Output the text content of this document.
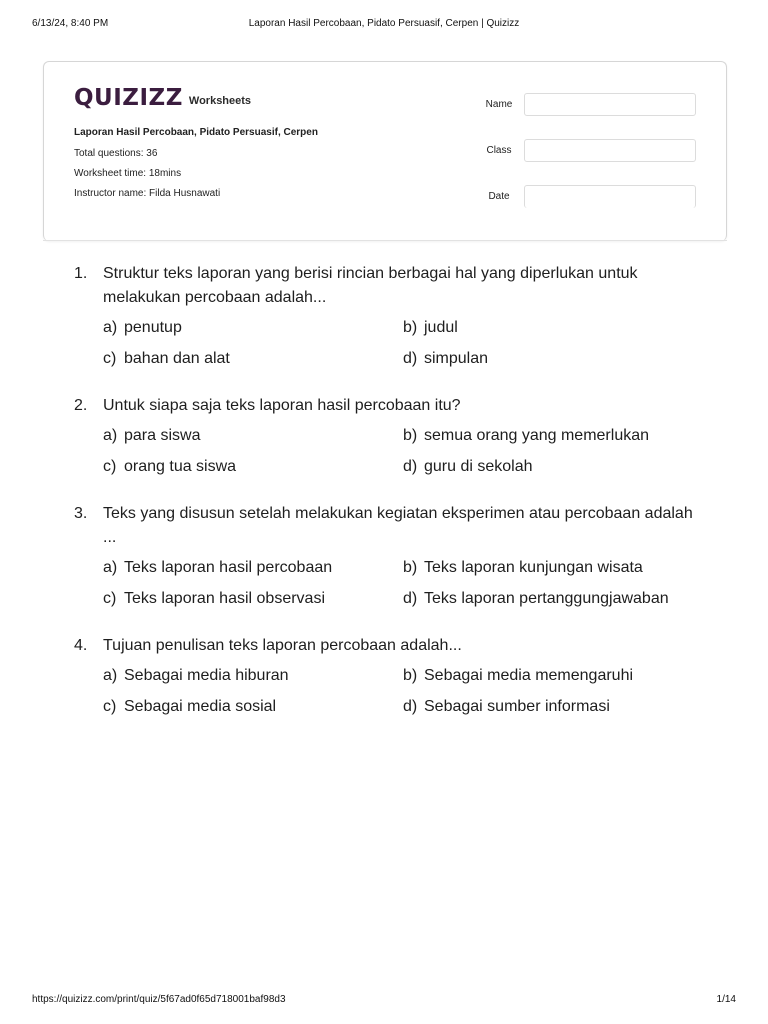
6/13/24, 8:40 PM	Laporan Hasil Percobaan, Pidato Persuasif, Cerpen | Quizizz
QUIZIZZ Worksheets
Laporan Hasil Percobaan, Pidato Persuasif, Cerpen
Total questions: 36
Worksheet time: 18mins
Instructor name: Filda Husnawati
Name
Class
Date
1. Struktur teks laporan yang berisi rincian berbagai hal yang diperlukan untuk melakukan percobaan adalah...
a) penutup	b) judul
c) bahan dan alat	d) simpulan
2. Untuk siapa saja teks laporan hasil percobaan itu?
a) para siswa	b) semua orang yang memerlukan
c) orang tua siswa	d) guru di sekolah
3. Teks yang disusun setelah melakukan kegiatan eksperimen atau percobaan adalah ...
a) Teks laporan hasil percobaan	b) Teks laporan kunjungan wisata
c) Teks laporan hasil observasi	d) Teks laporan pertanggungjawaban
4. Tujuan penulisan teks laporan percobaan adalah...
a) Sebagai media hiburan	b) Sebagai media memengaruhi
c) Sebagai media sosial	d) Sebagai sumber informasi
https://quizizz.com/print/quiz/5f67ad0f65d718001baf98d3	1/14
